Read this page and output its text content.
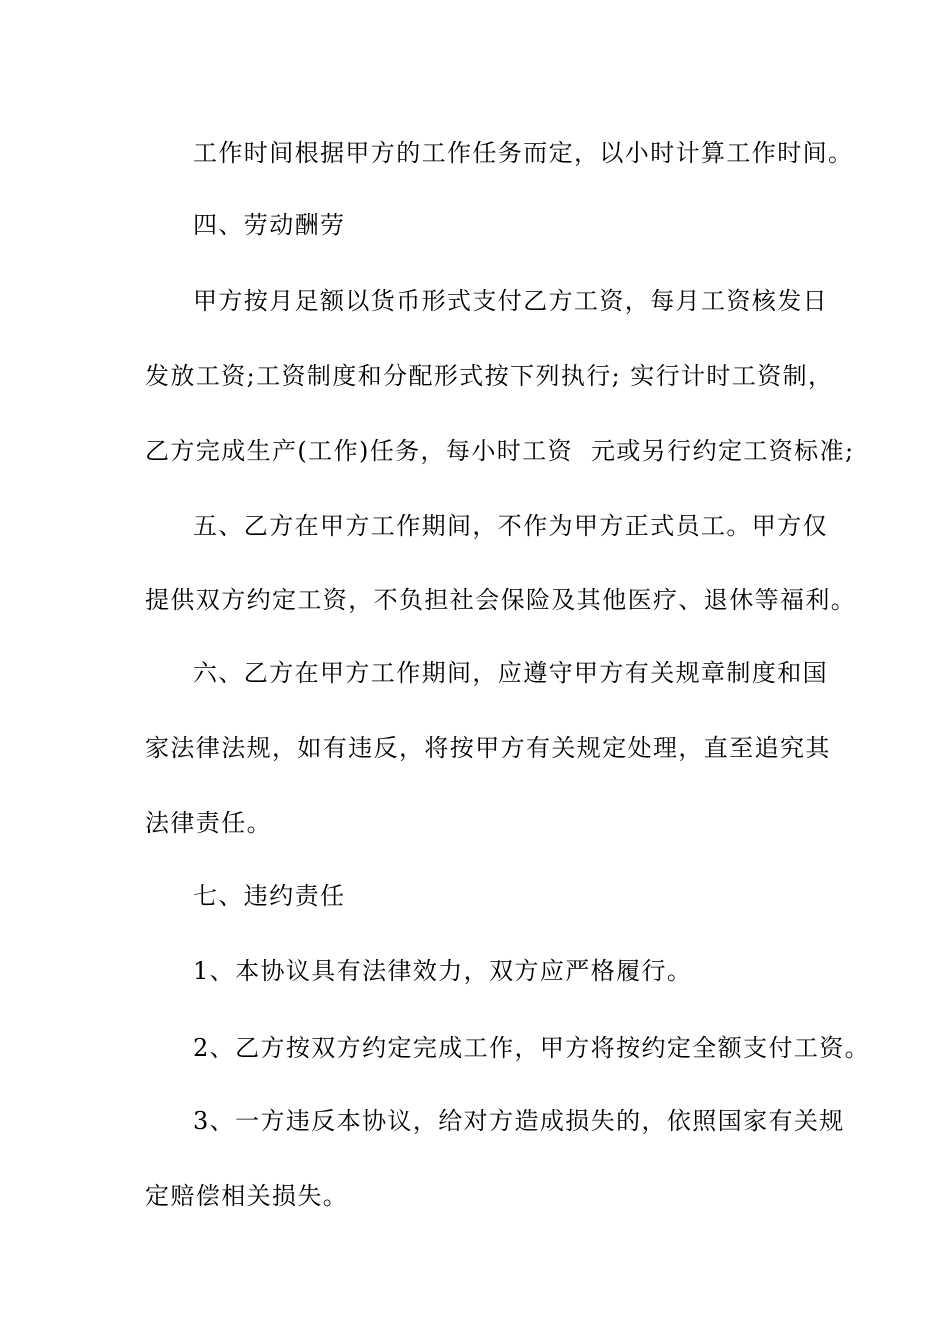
工作时间根据甲方的工作任务而定，以小时计算工作时间。
四、劳动酬劳
甲方按月足额以货币形式支付乙方工资，每月工资核发日
发放工资;工资制度和分配形式按下列执行; 实行计时工资制，
乙方完成生产(工作)任务，每小时工资  元或另行约定工资标准;
五、乙方在甲方工作期间，不作为甲方正式员工。甲方仅
提供双方约定工资，不负担社会保险及其他医疗、退休等福利。
六、乙方在甲方工作期间，应遵守甲方有关规章制度和国
家法律法规，如有违反，将按甲方有关规定处理，直至追究其
法律责任。
七、违约责任
1、本协议具有法律效力，双方应严格履行。
2、乙方按双方约定完成工作，甲方将按约定全额支付工资。
3、一方违反本协议，给对方造成损失的，依照国家有关规
定赔偿相关损失。
